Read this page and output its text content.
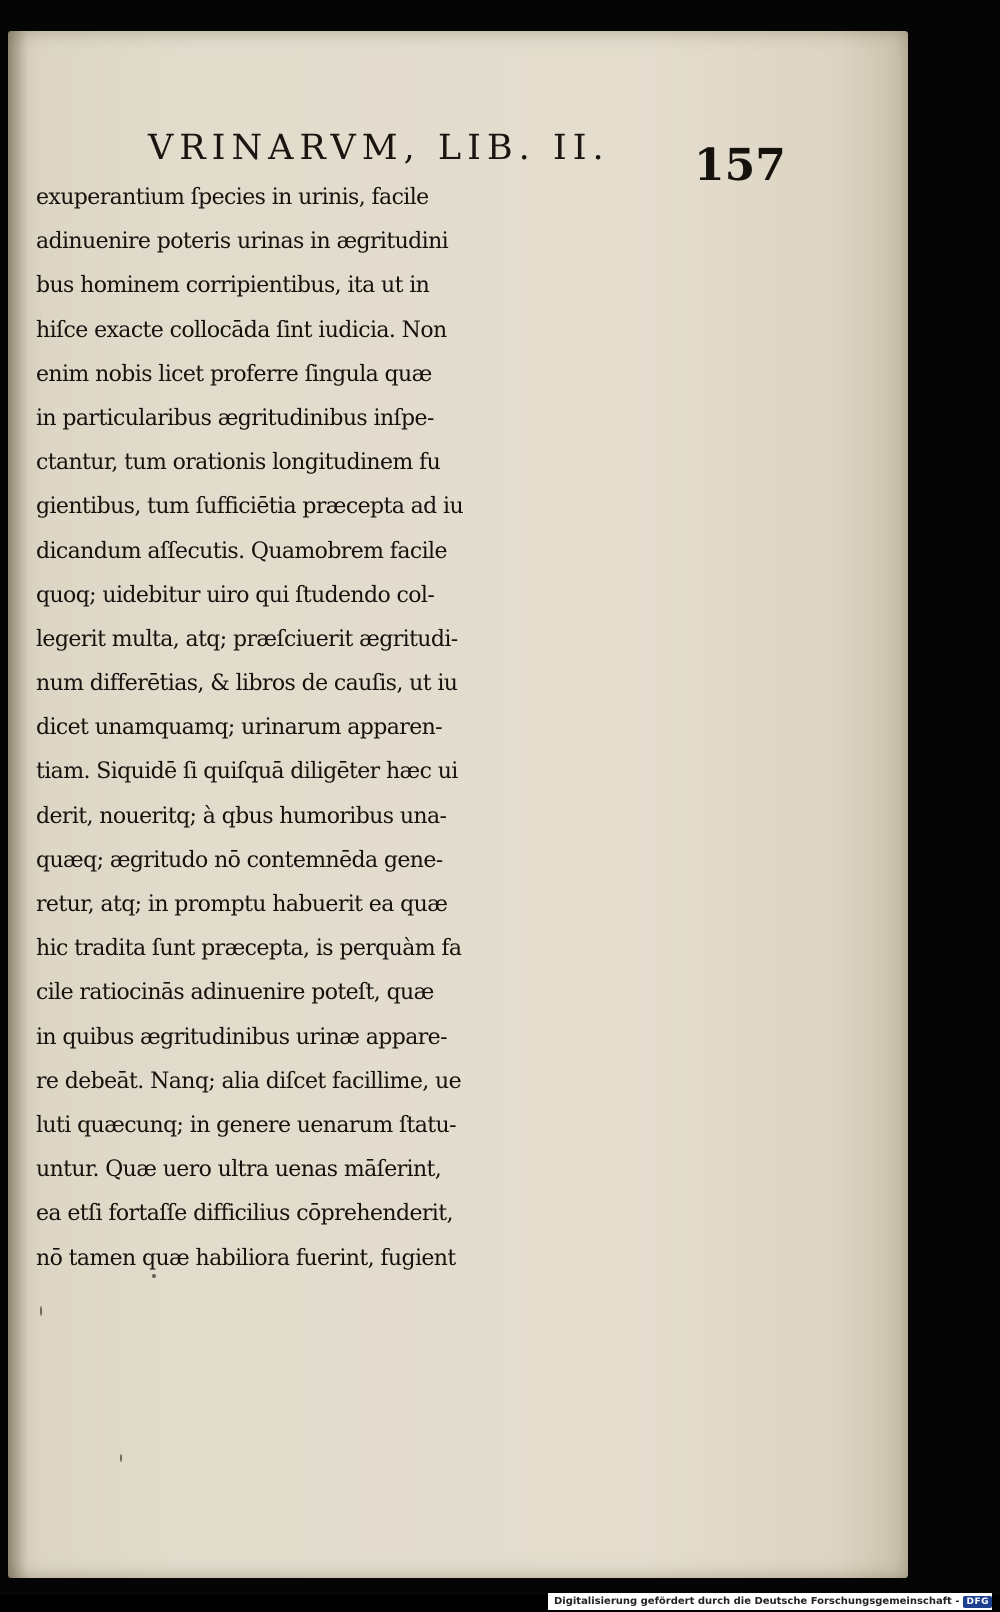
VRINARVM, LIB. II. 157
exuperantium ſpecies in urinis, facile
adinuenire poteris urinas in ægritudini
bus hominem corripientibus, ita ut in
hiſce exacte collocāda ſint iudicia. Non
enim nobis licet proferre ſingula quæ
in particularibus ægritudinibus inſpe-
ctantur, tum orationis longitudinem fu
gientibus, tum ſufficiētia præcepta ad iu
dicandum aſſecutis. Quamobrem facile
quoq; uidebitur uiro qui ſtudendo col-
legerit multa, atq; præſciuerit ægritudi-
num differētias, & libros de cauſis, ut iu
dicet unamquamq; urinarum apparen-
tiam. Siquidē ſi quiſquā diligēter hæc ui
derit, noueritq; à qbus humoribus una-
quæq; ægritudo nō contemnēda gene-
retur, atq; in promptu habuerit ea quæ
hic tradita ſunt præcepta, is perquàm fa
cile ratiocinās adinuenire poteſt, quæ
in quibus ægritudinibus urinæ appare-
re debeāt. Nanq; alia diſcet facillime, ue
luti quæcunq; in genere uenarum ſtatu-
untur. Quæ uero ultra uenas māſerint,
ea etſi fortaſſe difficilius cōprehenderit,
nō tamen quæ habiliora fuerint, fugient
Digitalisierung gefördert durch die Deutsche Forschungsgemeinschaft - DFG
